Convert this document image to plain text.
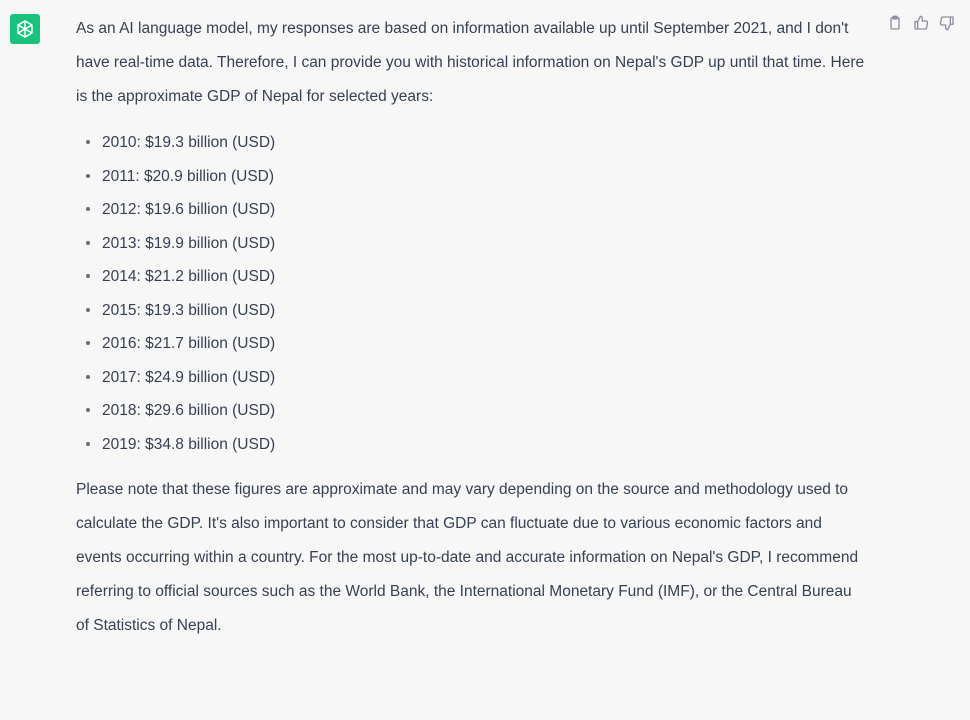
As an AI language model, my responses are based on information available up until September 2021, and I don't have real-time data. Therefore, I can provide you with historical information on Nepal's GDP up until that time. Here is the approximate GDP of Nepal for selected years:

2010: $19.3 billion (USD)
2011: $20.9 billion (USD)
2012: $19.6 billion (USD)
2013: $19.9 billion (USD)
2014: $21.2 billion (USD)
2015: $19.3 billion (USD)
2016: $21.7 billion (USD)
2017: $24.9 billion (USD)
2018: $29.6 billion (USD)
2019: $34.8 billion (USD)

Please note that these figures are approximate and may vary depending on the source and methodology used to calculate the GDP. It's also important to consider that GDP can fluctuate due to various economic factors and events occurring within a country. For the most up-to-date and accurate information on Nepal's GDP, I recommend referring to official sources such as the World Bank, the International Monetary Fund (IMF), or the Central Bureau of Statistics of Nepal.
